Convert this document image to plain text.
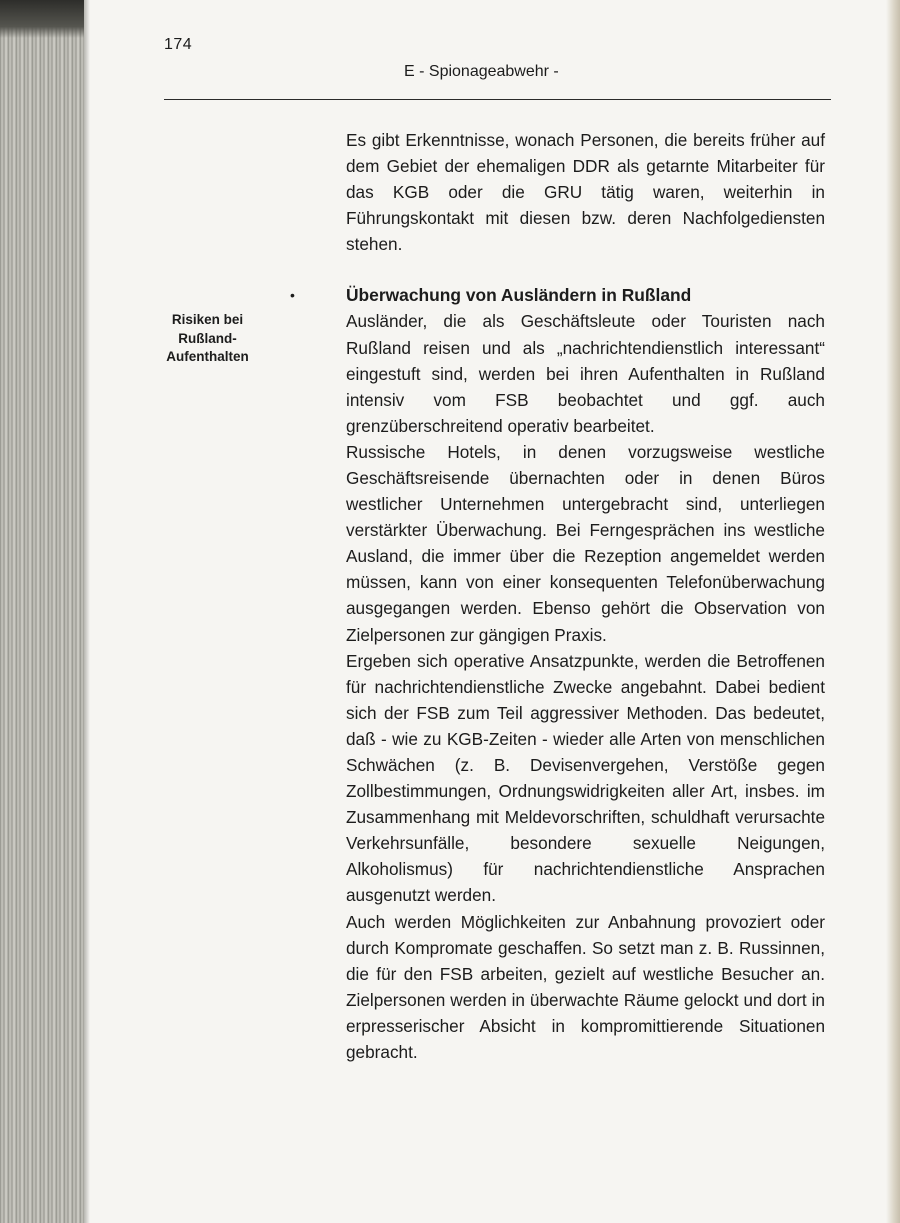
174
E - Spionageabwehr -

Es gibt Erkenntnisse, wonach Personen, die bereits früher auf dem Gebiet der ehemaligen DDR als getarnte Mitarbeiter für das KGB oder die GRU tätig waren, weiterhin in Führungskontakt mit diesen bzw. deren Nachfolgediensten stehen.

•
Risiken bei Rußland-Aufenthalten
Überwachung von Ausländern in Rußland

Ausländer, die als Geschäftsleute oder Touristen nach Rußland reisen und als „nachrichtendienstlich interessant“ eingestuft sind, werden bei ihren Aufenthalten in Rußland intensiv vom FSB beobachtet und ggf. auch grenzüberschreitend operativ bearbeitet.

Russische Hotels, in denen vorzugsweise westliche Geschäftsreisende übernachten oder in denen Büros westlicher Unternehmen untergebracht sind, unterliegen verstärkter Überwachung. Bei Ferngesprächen ins westliche Ausland, die immer über die Rezeption angemeldet werden müssen, kann von einer konsequenten Telefonüberwachung ausgegangen werden. Ebenso gehört die Observation von Zielpersonen zur gängigen Praxis.

Ergeben sich operative Ansatzpunkte, werden die Betroffenen für nachrichtendienstliche Zwecke angebahnt. Dabei bedient sich der FSB zum Teil aggressiver Methoden. Das bedeutet, daß - wie zu KGB-Zeiten - wieder alle Arten von menschlichen Schwächen (z. B. Devisenvergehen, Verstöße gegen Zollbestimmungen, Ordnungswidrigkeiten aller Art, insbes. im Zusammenhang mit Meldevorschriften, schuldhaft verursachte Verkehrsunfälle, besondere sexuelle Neigungen, Alkoholismus) für nachrichtendienstliche Ansprachen ausgenutzt werden.

Auch werden Möglichkeiten zur Anbahnung provoziert oder durch Kompromate geschaffen. So setzt man z. B. Russinnen, die für den FSB arbeiten, gezielt auf westliche Besucher an. Zielpersonen werden in überwachte Räume gelockt und dort in erpresserischer Absicht in kompromittierende Situationen gebracht.
